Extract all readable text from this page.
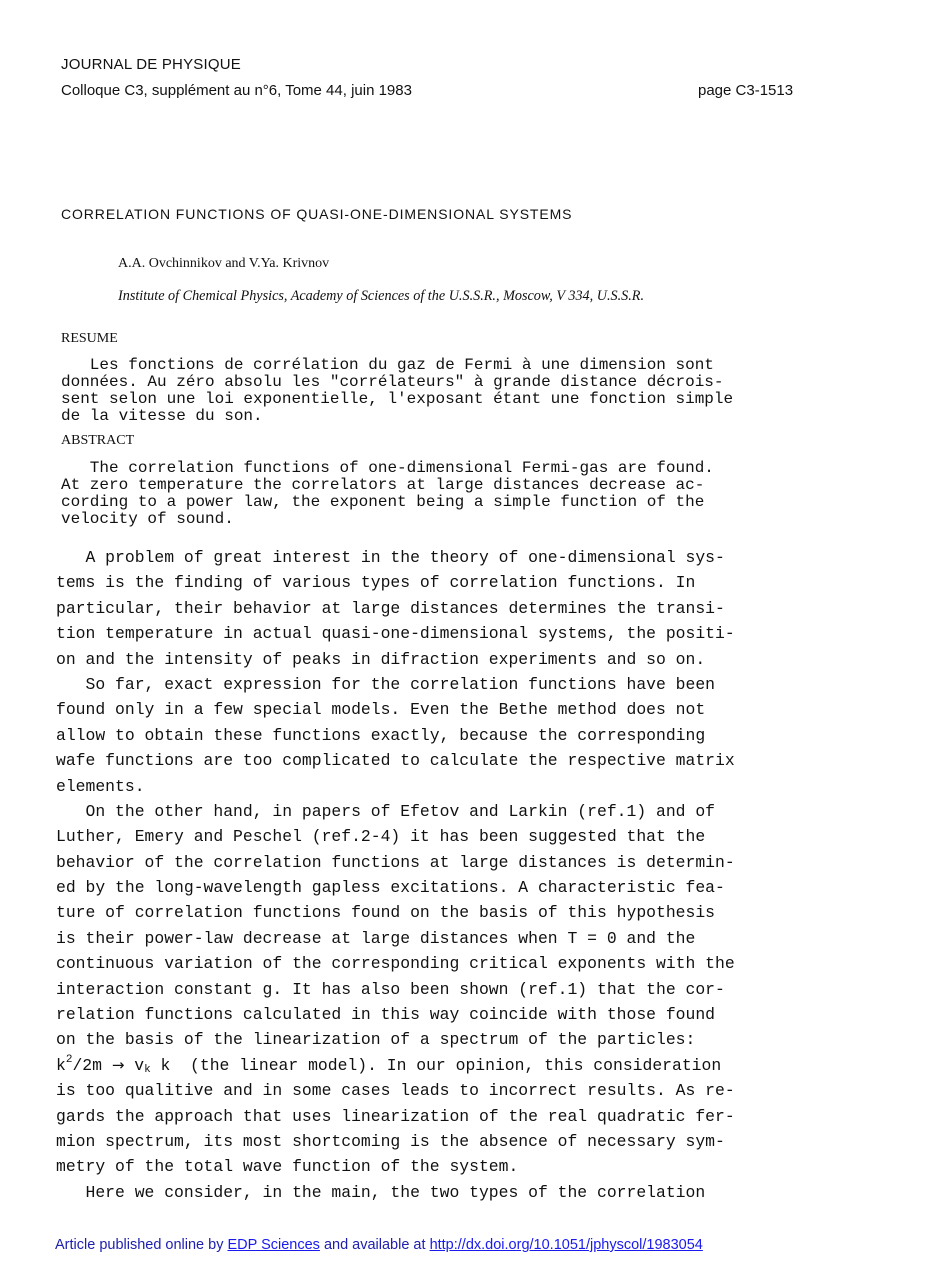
JOURNAL DE PHYSIQUE
Colloque C3, supplément au n°6, Tome 44, juin 1983	page C3-1513
CORRELATION FUNCTIONS OF QUASI-ONE-DIMENSIONAL SYSTEMS
A.A. Ovchinnikov and V.Ya. Krivnov
Institute of Chemical Physics, Academy of Sciences of the U.S.S.R., Moscow, V 334, U.S.S.R.
RESUME
Les fonctions de corrélation du gaz de Fermi à une dimension sont
données. Au zéro absolu les "corrélateurs" à grande distance décrois-
sent selon une loi exponentielle, l'exposant étant une fonction simple
de la vitesse du son.
ABSTRACT
The correlation functions of one-dimensional Fermi-gas are found.
At zero temperature the correlators at large distances decrease ac-
cording to a power law, the exponent being a simple function of the
velocity of sound.
A problem of great interest in the theory of one-dimensional sys-
tems is the finding of various types of correlation functions. In
particular, their behavior at large distances determines the transi-
tion temperature in actual quasi-one-dimensional systems, the positi-
on and the intensity of peaks in difraction experiments and so on.
So far, exact expression for the correlation functions have been
found only in a few special models. Even the Bethe method does not
allow to obtain these functions exactly, because the corresponding
wafe functions are too complicated to calculate the respective matrix
elements.
On the other hand, in papers of Efetov and Larkin (ref.1) and of
Luther, Emery and Peschel (ref.2-4) it has been suggested that the
behavior of the correlation functions at large distances is determin-
ed by the long-wavelength gapless excitations. A characteristic fea-
ture of correlation functions found on the basis of this hypothesis
is their power-law decrease at large distances when T = 0 and the
continuous variation of the corresponding critical exponents with the
interaction constant g. It has also been shown (ref.1) that the cor-
relation functions calculated in this way coincide with those found
on the basis of the linearization of a spectrum of the particles:
$k^2/2m \to v_k$ k  (the linear model). In our opinion, this consideration
is too qualitive and in some cases leads to incorrect results. As re-
gards the approach that uses linearization of the real quadratic fer-
mion spectrum, its most shortcoming is the absence of necessary sym-
metry of the total wave function of the system.
Here we consider, in the main, the two types of the correlation
Article published online by EDP Sciences and available at http://dx.doi.org/10.1051/jphyscol/1983054
